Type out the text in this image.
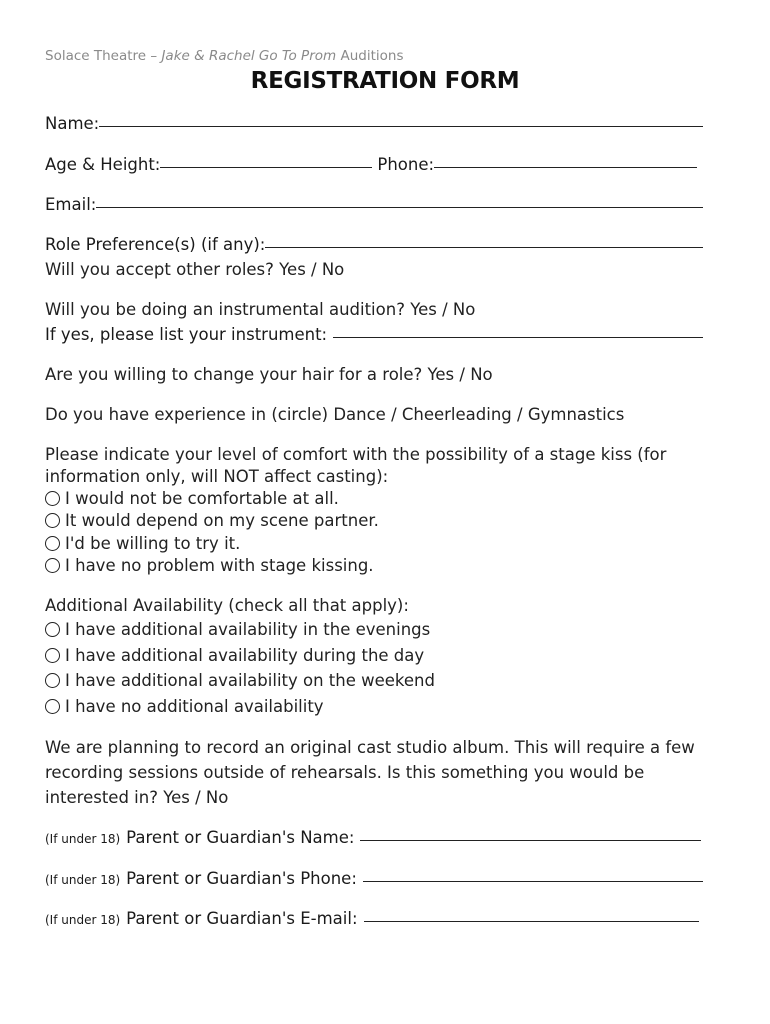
Solace Theatre – Jake & Rachel Go To Prom Auditions
REGISTRATION FORM
Name:
Age & Height:	Phone:
Email:
Role Preference(s) (if any):
Will you accept other roles? Yes / No
Will you be doing an instrumental audition? Yes / No
If yes, please list your instrument:
Are you willing to change your hair for a role? Yes / No
Do you have experience in (circle) Dance / Cheerleading / Gymnastics
Please indicate your level of comfort with the possibility of a stage kiss (for
information only, will NOT affect casting):
I would not be comfortable at all.
It would depend on my scene partner.
I'd be willing to try it.
I have no problem with stage kissing.
Additional Availability (check all that apply):
I have additional availability in the evenings
I have additional availability during the day
I have additional availability on the weekend
I have no additional availability
We are planning to record an original cast studio album. This will require a few
recording sessions outside of rehearsals. Is this something you would be
interested in? Yes / No
(If under 18) Parent or Guardian's Name:
(If under 18) Parent or Guardian's Phone:
(If under 18) Parent or Guardian's E-mail:
